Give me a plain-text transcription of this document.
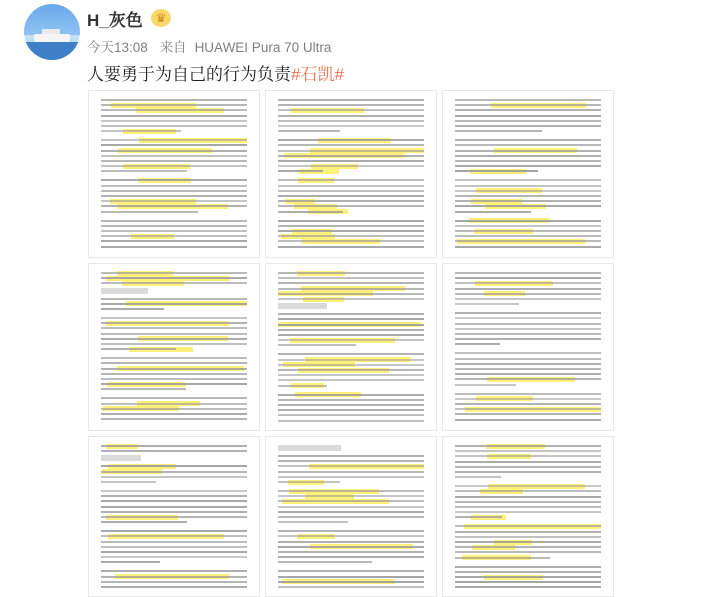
H_灰色	♛
今天13:08 来自 HUAWEI Pura 70 Ultra
人要勇于为自己的行为负责#石凯#
